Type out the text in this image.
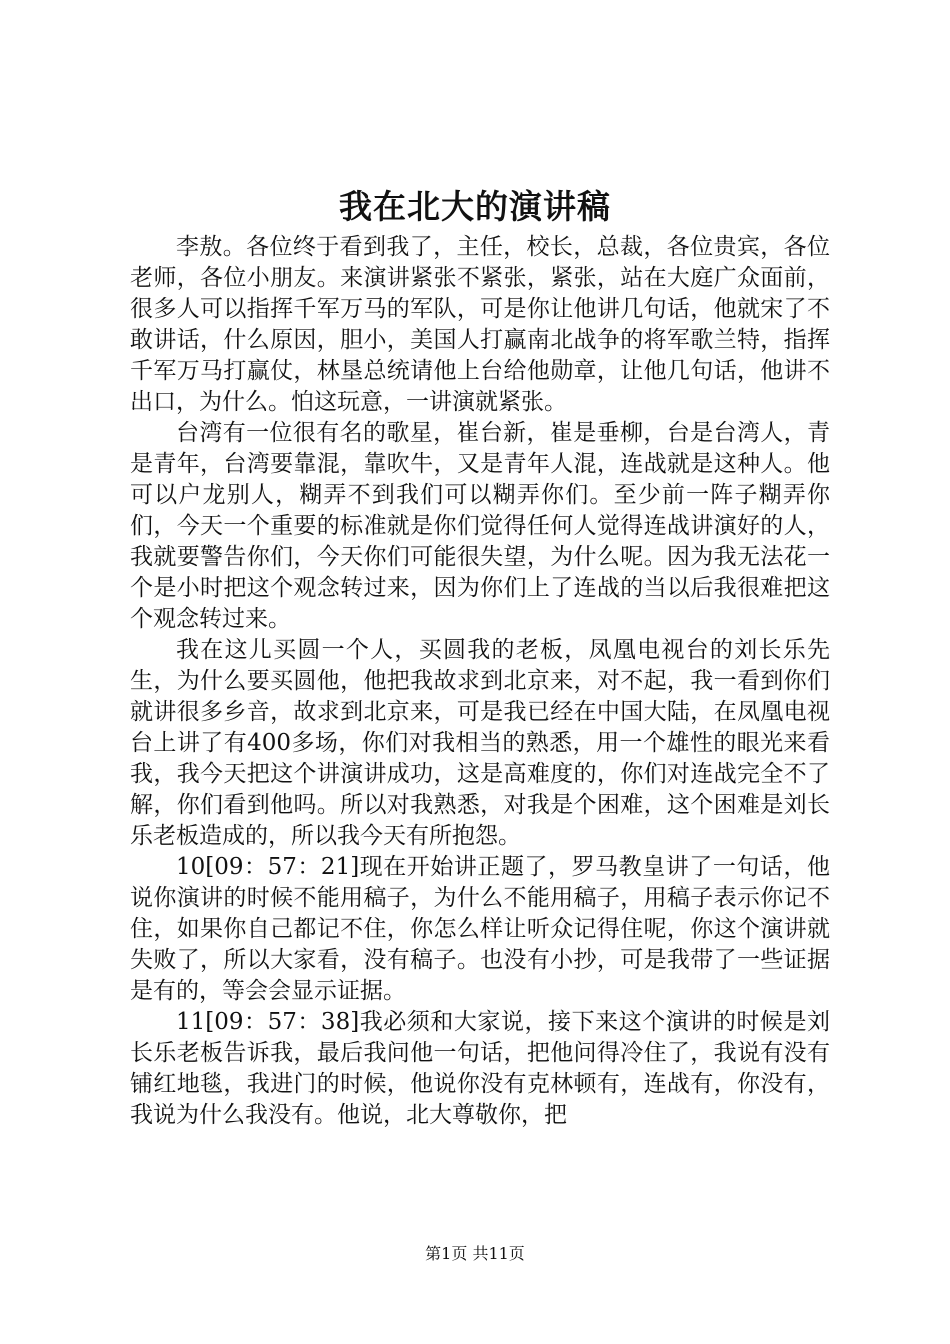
我在北大的演讲稿

李敖。各位终于看到我了，主任，校长，总裁，各位贵宾，各位老师，各位小朋友。来演讲紧张不紧张，紧张，站在大庭广众面前，很多人可以指挥千军万马的军队，可是你让他讲几句话，他就宋了不敢讲话，什么原因，胆小，美国人打赢南北战争的将军歌兰特，指挥千军万马打赢仗，林垦总统请他上台给他勋章，让他几句话，他讲不出口，为什么。怕这玩意，一讲演就紧张。

台湾有一位很有名的歌星，崔台新，崔是垂柳，台是台湾人，青是青年，台湾要靠混，靠吹牛，又是青年人混，连战就是这种人。他可以户龙别人，糊弄不到我们可以糊弄你们。至少前一阵子糊弄你们，今天一个重要的标准就是你们觉得任何人觉得连战讲演好的人，我就要警告你们，今天你们可能很失望，为什么呢。因为我无法花一个是小时把这个观念转过来，因为你们上了连战的当以后我很难把这个观念转过来。

我在这儿买圆一个人，买圆我的老板，凤凰电视台的刘长乐先生，为什么要买圆他，他把我故求到北京来，对不起，我一看到你们就讲很多乡音，故求到北京来，可是我已经在中国大陆，在凤凰电视台上讲了有400多场，你们对我相当的熟悉，用一个雄性的眼光来看我，我今天把这个讲演讲成功，这是高难度的，你们对连战完全不了解，你们看到他吗。所以对我熟悉，对我是个困难，这个困难是刘长乐老板造成的，所以我今天有所抱怨。

10[09：57：21]现在开始讲正题了，罗马教皇讲了一句话，他说你演讲的时候不能用稿子，为什么不能用稿子，用稿子表示你记不住，如果你自己都记不住，你怎么样让听众记得住呢，你这个演讲就失败了，所以大家看，没有稿子。也没有小抄，可是我带了一些证据是有的，等会会显示证据。

11[09：57：38]我必须和大家说，接下来这个演讲的时候是刘长乐老板告诉我，最后我问他一句话，把他问得冷住了，我说有没有铺红地毯，我进门的时候，他说你没有克林顿有，连战有，你没有，我说为什么我没有。他说，北大尊敬你，把

第1页 共11页
